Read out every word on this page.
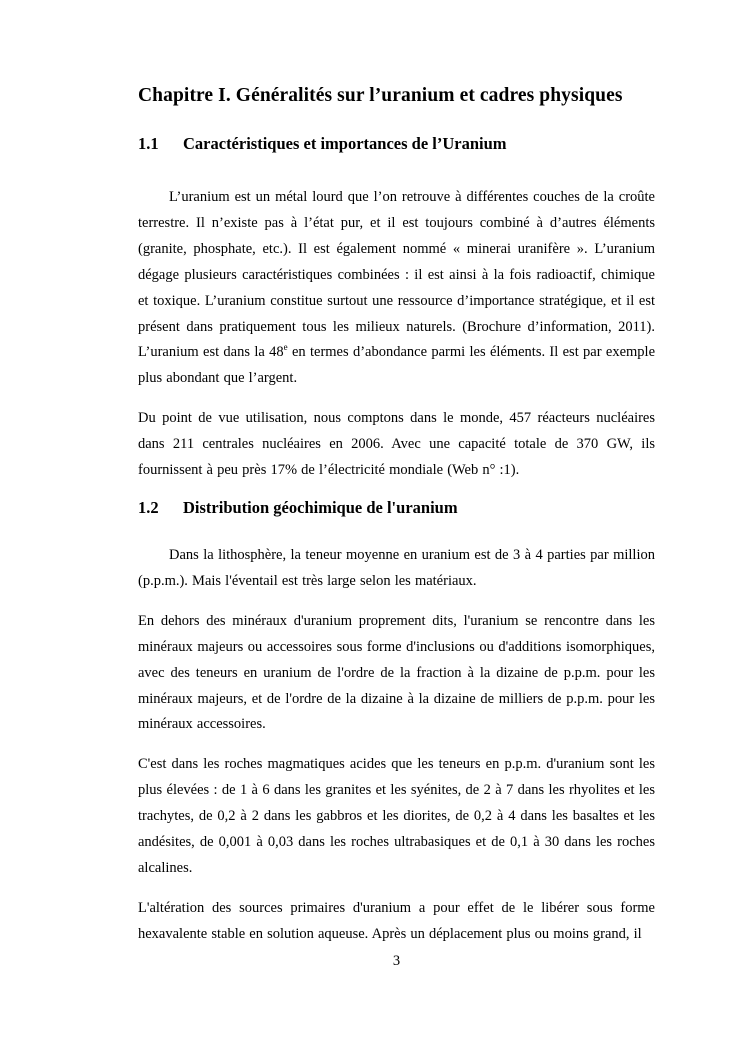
Chapitre I. Généralités sur l’uranium et cadres physiques
1.1 Caractéristiques et importances de l’Uranium

L’uranium est un métal lourd que l’on retrouve à différentes couches de la croûte terrestre. Il n’existe pas à l’état pur, et il est toujours combiné à d’autres éléments (granite, phosphate, etc.). Il est également nommé « minerai uranifère ». L’uranium dégage plusieurs caractéristiques combinées : il est ainsi à la fois radioactif, chimique et toxique. L’uranium constitue surtout une ressource d’importance stratégique, et il est présent dans pratiquement tous les milieux naturels. (Brochure d’information, 2011). L’uranium est dans la 48e en termes d’abondance parmi les éléments. Il est par exemple plus abondant que l’argent.

Du point de vue utilisation, nous comptons dans le monde, 457 réacteurs nucléaires dans 211 centrales nucléaires en 2006. Avec une capacité totale de 370 GW, ils fournissent à peu près 17% de l’électricité mondiale (Web n° :1).

1.2 Distribution géochimique de l'uranium

Dans la lithosphère, la teneur moyenne en uranium est de 3 à 4 parties par million (p.p.m.). Mais l'éventail est très large selon les matériaux.

En dehors des minéraux d'uranium proprement dits, l'uranium se rencontre dans les minéraux majeurs ou accessoires sous forme d'inclusions ou d'additions isomorphiques, avec des teneurs en uranium de l'ordre de la fraction à la dizaine de p.p.m. pour les minéraux majeurs, et de l'ordre de la dizaine à la dizaine de milliers de p.p.m. pour les minéraux accessoires.

C'est dans les roches magmatiques acides que les teneurs en p.p.m. d'uranium sont les plus élevées : de 1 à 6 dans les granites et les syénites, de 2 à 7 dans les rhyolites et les trachytes, de 0,2 à 2 dans les gabbros et les diorites, de 0,2 à 4 dans les basaltes et les andésites, de 0,001 à 0,03 dans les roches ultrabasiques et de 0,1 à 30 dans les roches alcalines.

L'altération des sources primaires d'uranium a pour effet de le libérer sous forme hexavalente stable en solution aqueuse. Après un déplacement plus ou moins grand, il

3
